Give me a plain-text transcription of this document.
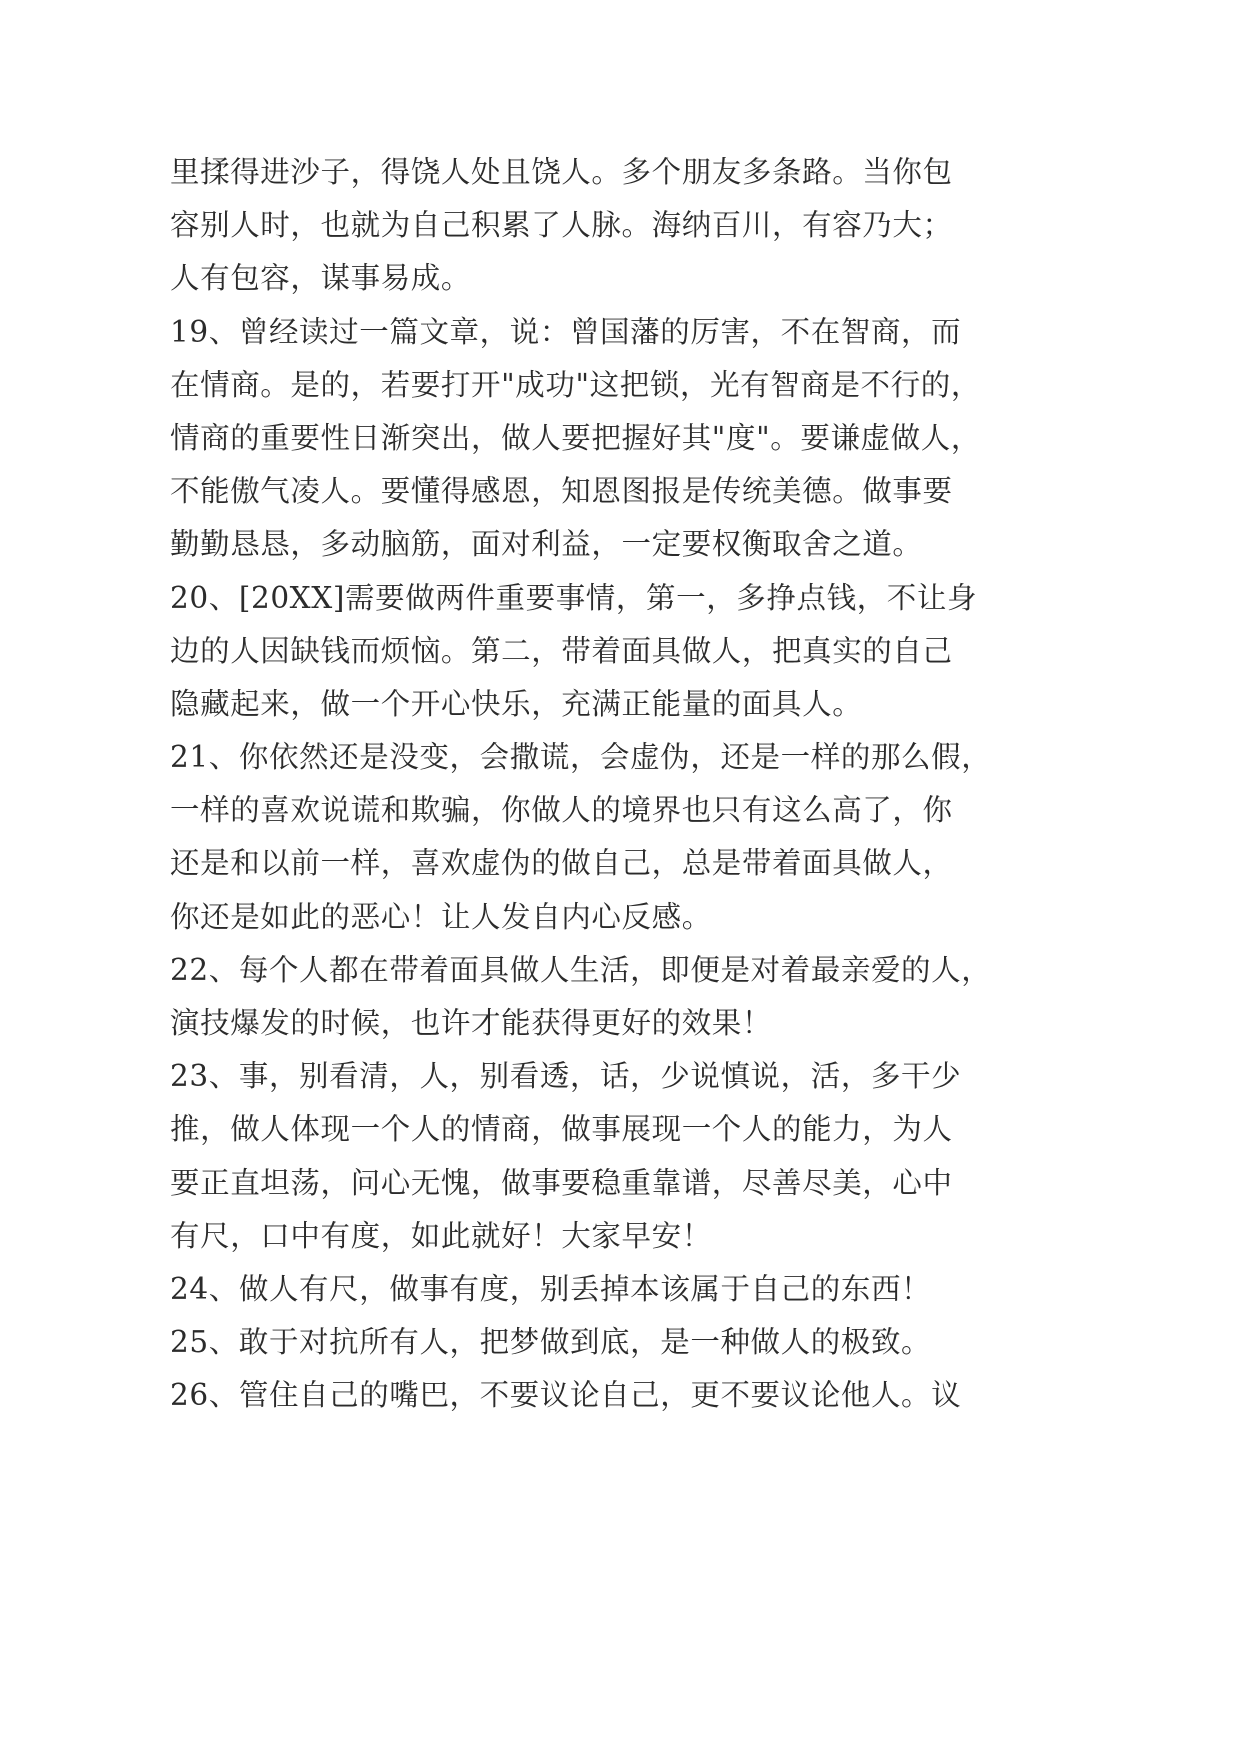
里揉得进沙子，得饶人处且饶人。多个朋友多条路。当你包
容别人时，也就为自己积累了人脉。海纳百川，有容乃大；
人有包容，谋事易成。
19、曾经读过一篇文章，说：曾国藩的厉害，不在智商，而
在情商。是的，若要打开"成功"这把锁，光有智商是不行的，
情商的重要性日渐突出，做人要把握好其"度"。要谦虚做人，
不能傲气凌人。要懂得感恩，知恩图报是传统美德。做事要
勤勤恳恳，多动脑筋，面对利益，一定要权衡取舍之道。
20、[20XX]需要做两件重要事情，第一，多挣点钱，不让身
边的人因缺钱而烦恼。第二，带着面具做人，把真实的自己
隐藏起来，做一个开心快乐，充满正能量的面具人。
21、你依然还是没变，会撒谎，会虚伪，还是一样的那么假，
一样的喜欢说谎和欺骗，你做人的境界也只有这么高了，你
还是和以前一样，喜欢虚伪的做自己，总是带着面具做人，
你还是如此的恶心！让人发自内心反感。
22、每个人都在带着面具做人生活，即便是对着最亲爱的人，
演技爆发的时候，也许才能获得更好的效果！
23、事，别看清，人，别看透，话，少说慎说，活，多干少
推，做人体现一个人的情商，做事展现一个人的能力，为人
要正直坦荡，问心无愧，做事要稳重靠谱，尽善尽美，心中
有尺，口中有度，如此就好！大家早安！
24、做人有尺，做事有度，别丢掉本该属于自己的东西！
25、敢于对抗所有人，把梦做到底，是一种做人的极致。
26、管住自己的嘴巴，不要议论自己，更不要议论他人。议
